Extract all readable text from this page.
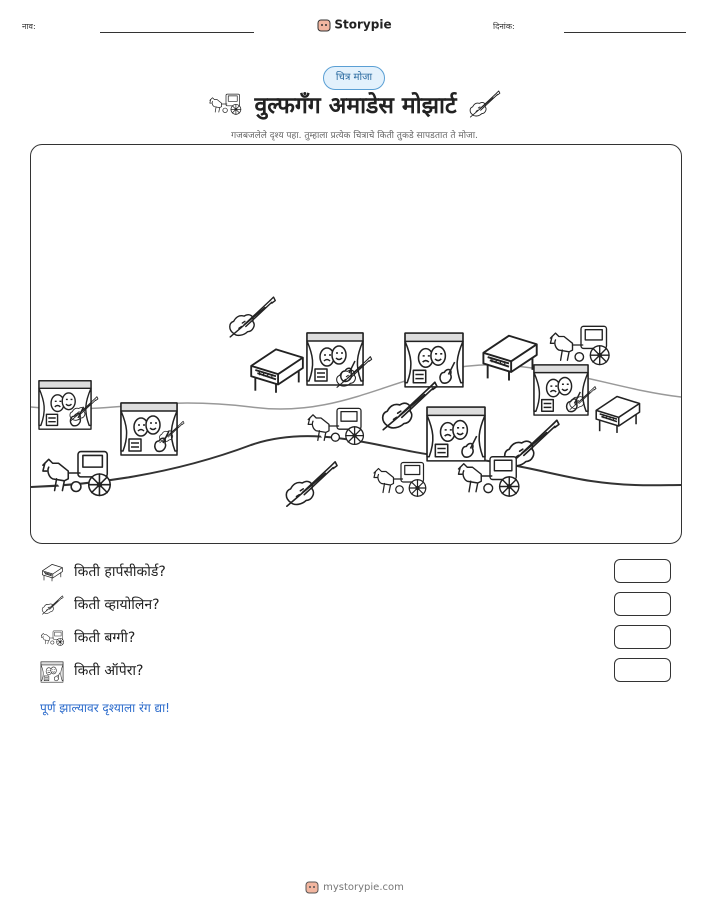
नाव:	Storypie	दिनांक:
चित्र मोजा
वुल्फगँग अमाडेस मोझार्ट
गजबजलेले दृश्य पहा. तुम्हाला प्रत्येक चित्राचे किती तुकडे सापडतात ते मोजा.
किती हार्पसीकोर्ड?
किती व्हायोलिन?
किती बग्गी?
किती ऑपेरा?
पूर्ण झाल्यावर दृश्याला रंग द्या!
mystorypie.com
